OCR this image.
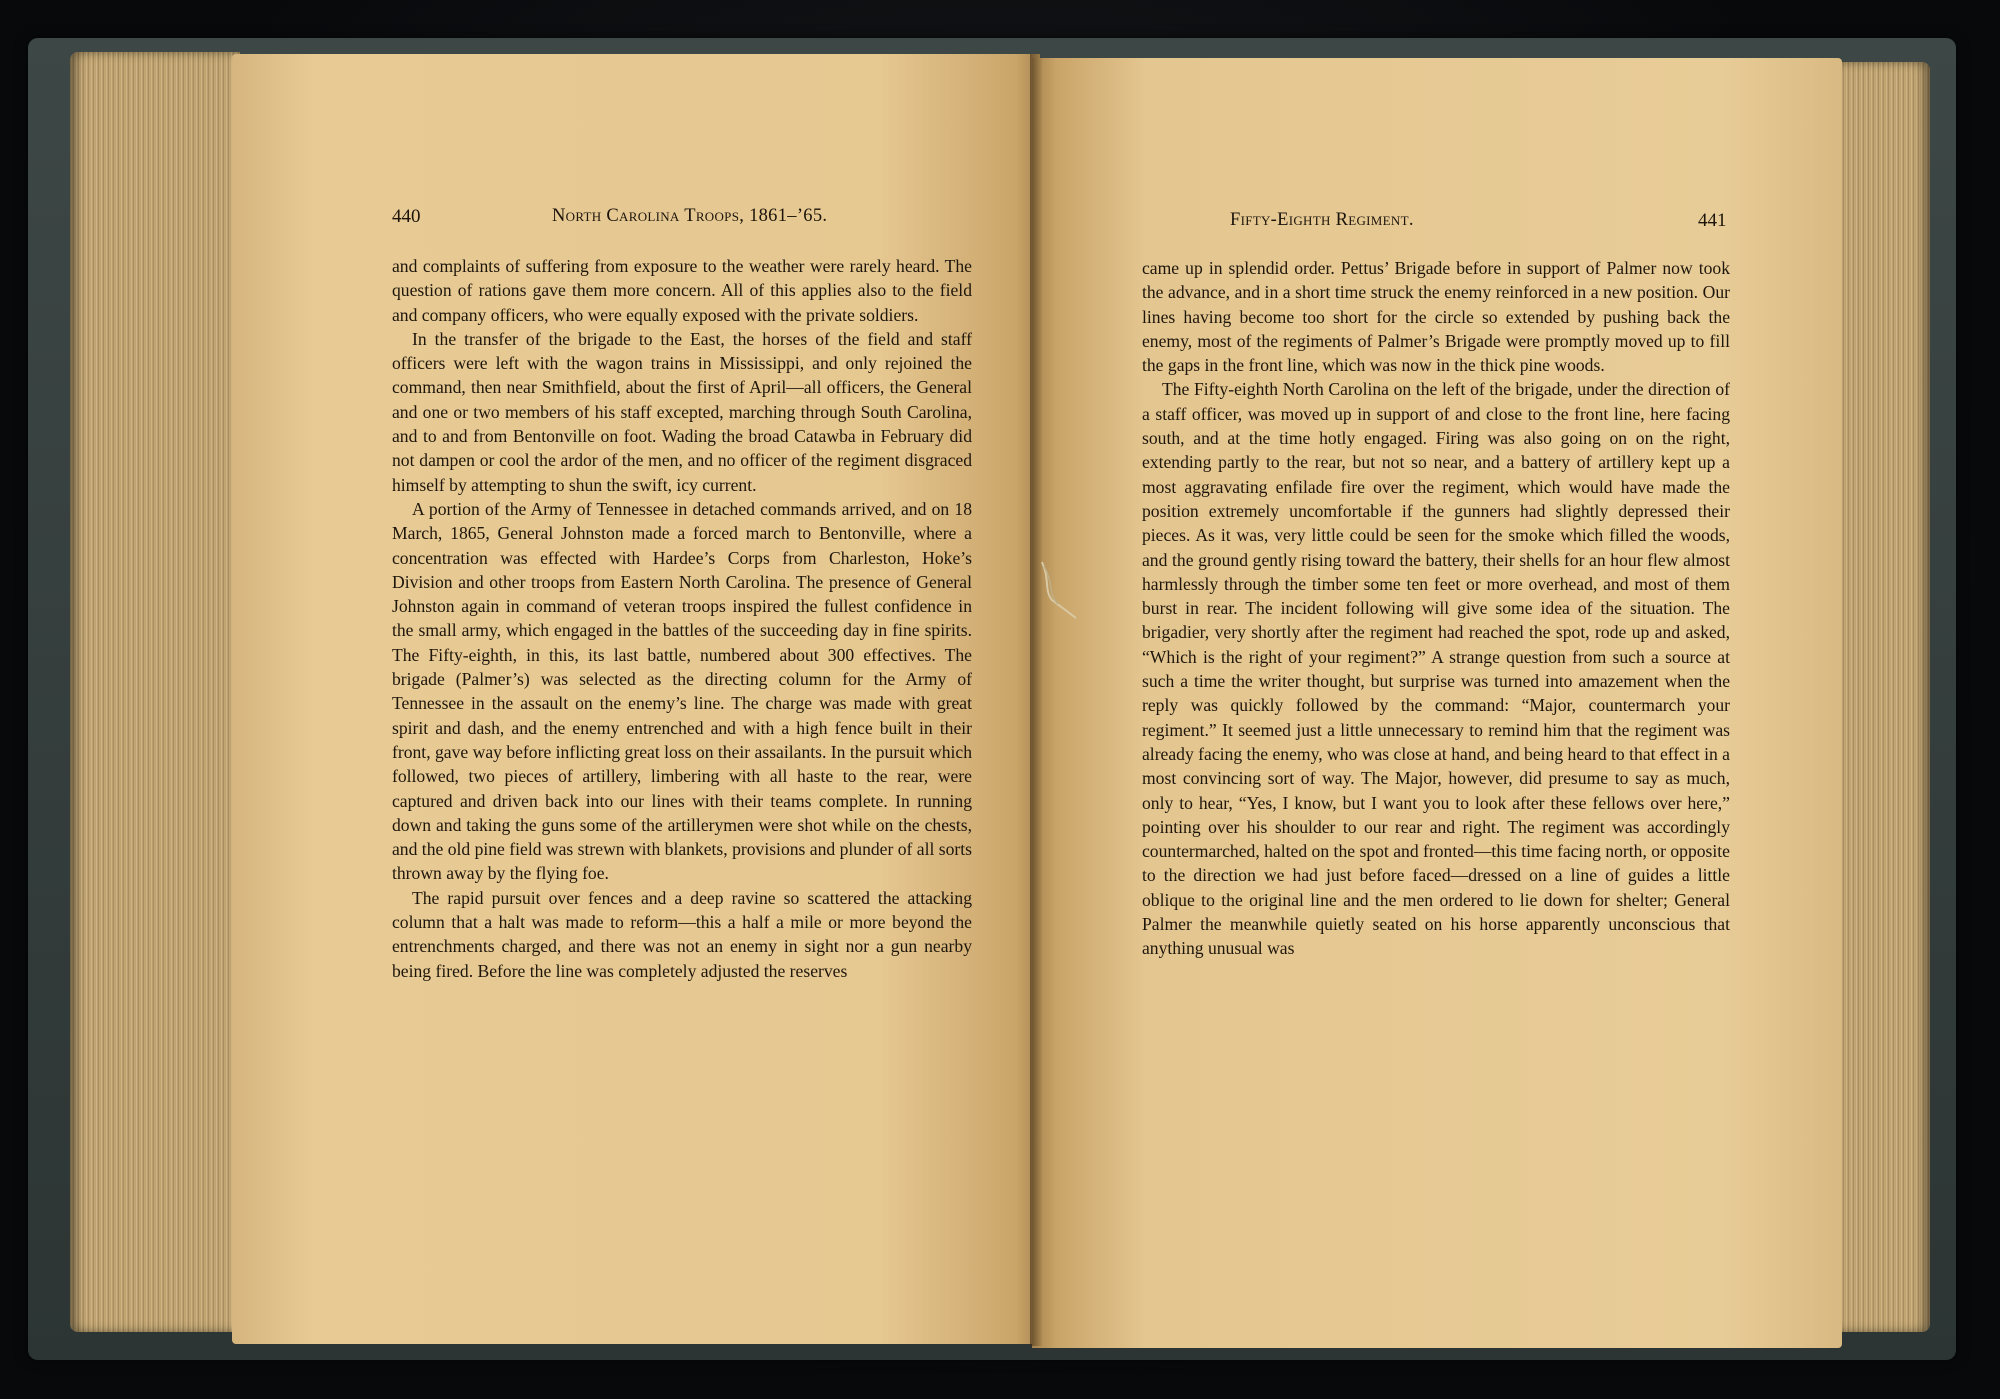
440	North Carolina Troops, 1861–’65.

and complaints of suffering from exposure to the weather were rarely heard. The question of rations gave them more concern. All of this applies also to the field and company officers, who were equally exposed with the private soldiers.

In the transfer of the brigade to the East, the horses of the field and staff officers were left with the wagon trains in Mississippi, and only rejoined the command, then near Smithfield, about the first of April—all officers, the General and one or two members of his staff excepted, marching through South Carolina, and to and from Bentonville on foot. Wading the broad Catawba in February did not dampen or cool the ardor of the men, and no officer of the regiment disgraced himself by attempting to shun the swift, icy current.

A portion of the Army of Tennessee in detached commands arrived, and on 18 March, 1865, General Johnston made a forced march to Bentonville, where a concentration was effected with Hardee’s Corps from Charleston, Hoke’s Division and other troops from Eastern North Carolina. The presence of General Johnston again in command of veteran troops inspired the fullest confidence in the small army, which engaged in the battles of the succeeding day in fine spirits. The Fifty-eighth, in this, its last battle, numbered about 300 effectives. The brigade (Palmer’s) was selected as the directing column for the Army of Tennessee in the assault on the enemy’s line. The charge was made with great spirit and dash, and the enemy entrenched and with a high fence built in their front, gave way before inflicting great loss on their assailants. In the pursuit which followed, two pieces of artillery, limbering with all haste to the rear, were captured and driven back into our lines with their teams complete. In running down and taking the guns some of the artillerymen were shot while on the chests, and the old pine field was strewn with blankets, provisions and plunder of all sorts thrown away by the flying foe.

The rapid pursuit over fences and a deep ravine so scattered the attacking column that a halt was made to reform—this a half a mile or more beyond the entrenchments charged, and there was not an enemy in sight nor a gun nearby being fired. Before the line was completely adjusted the reserves

Fifty-Eighth Regiment.	441

came up in splendid order. Pettus’ Brigade before in support of Palmer now took the advance, and in a short time struck the enemy reinforced in a new position. Our lines having become too short for the circle so extended by pushing back the enemy, most of the regiments of Palmer’s Brigade were promptly moved up to fill the gaps in the front line, which was now in the thick pine woods.

The Fifty-eighth North Carolina on the left of the brigade, under the direction of a staff officer, was moved up in support of and close to the front line, here facing south, and at the time hotly engaged. Firing was also going on on the right, extending partly to the rear, but not so near, and a battery of artillery kept up a most aggravating enfilade fire over the regiment, which would have made the position extremely uncomfortable if the gunners had slightly depressed their pieces. As it was, very little could be seen for the smoke which filled the woods, and the ground gently rising toward the battery, their shells for an hour flew almost harmlessly through the timber some ten feet or more overhead, and most of them burst in rear. The incident following will give some idea of the situation. The brigadier, very shortly after the regiment had reached the spot, rode up and asked, “Which is the right of your regiment?” A strange question from such a source at such a time the writer thought, but surprise was turned into amazement when the reply was quickly followed by the command: “Major, countermarch your regiment.” It seemed just a little unnecessary to remind him that the regiment was already facing the enemy, who was close at hand, and being heard to that effect in a most convincing sort of way. The Major, however, did presume to say as much, only to hear, “Yes, I know, but I want you to look after these fellows over here,” pointing over his shoulder to our rear and right. The regiment was accordingly countermarched, halted on the spot and fronted—this time facing north, or opposite to the direction we had just before faced—dressed on a line of guides a little oblique to the original line and the men ordered to lie down for shelter; General Palmer the meanwhile quietly seated on his horse apparently unconscious that anything unusual was
